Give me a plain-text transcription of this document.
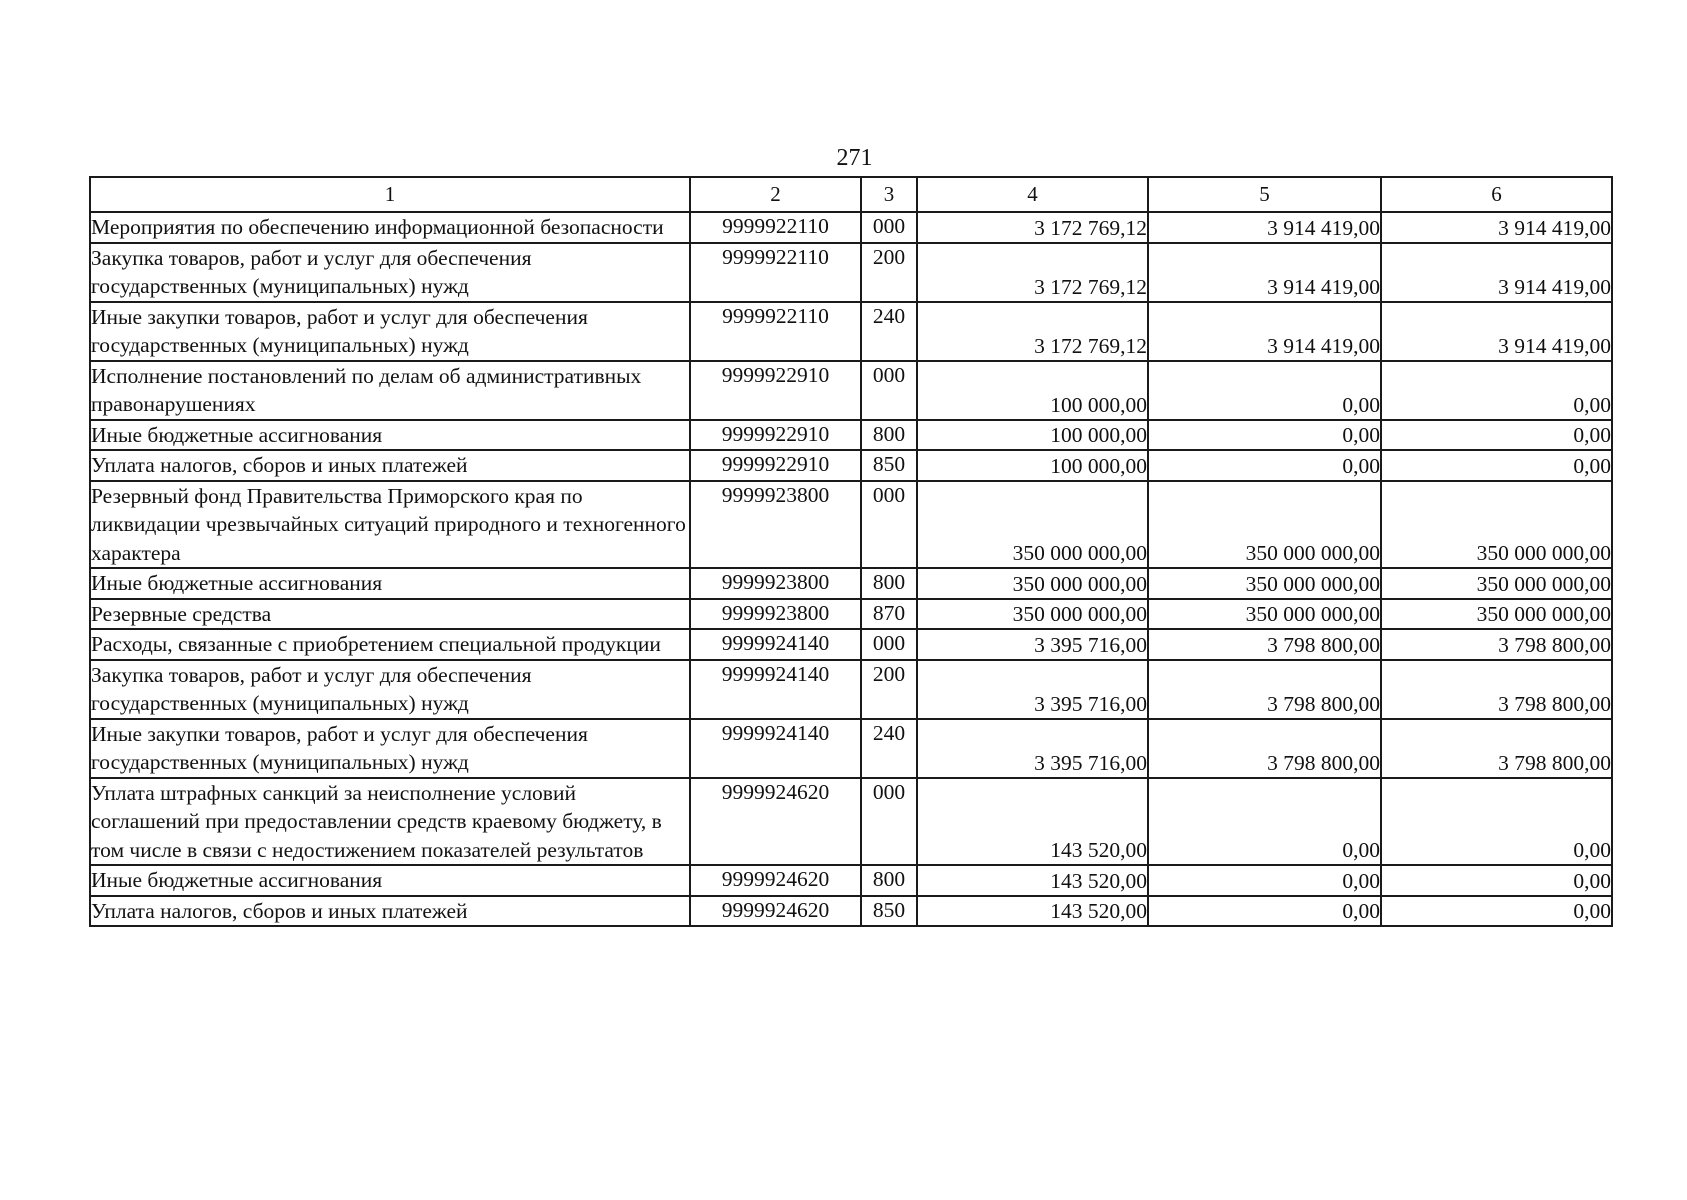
271
1	2	3	4	5	6
Мероприятия по обеспечению информационной безопасности	9999922110	000	3 172 769,12	3 914 419,00	3 914 419,00
Закупка товаров, работ и услуг для обеспечения государственных (муниципальных) нужд	9999922110	200	3 172 769,12	3 914 419,00	3 914 419,00
Иные закупки товаров, работ и услуг для обеспечения государственных (муниципальных) нужд	9999922110	240	3 172 769,12	3 914 419,00	3 914 419,00
Исполнение постановлений по делам об административных правонарушениях	9999922910	000	100 000,00	0,00	0,00
Иные бюджетные ассигнования	9999922910	800	100 000,00	0,00	0,00
Уплата налогов, сборов и иных платежей	9999922910	850	100 000,00	0,00	0,00
Резервный фонд Правительства Приморского края по ликвидации чрезвычайных ситуаций природного и техногенного характера	9999923800	000	350 000 000,00	350 000 000,00	350 000 000,00
Иные бюджетные ассигнования	9999923800	800	350 000 000,00	350 000 000,00	350 000 000,00
Резервные средства	9999923800	870	350 000 000,00	350 000 000,00	350 000 000,00
Расходы, связанные с приобретением специальной продукции	9999924140	000	3 395 716,00	3 798 800,00	3 798 800,00
Закупка товаров, работ и услуг для обеспечения государственных (муниципальных) нужд	9999924140	200	3 395 716,00	3 798 800,00	3 798 800,00
Иные закупки товаров, работ и услуг для обеспечения государственных (муниципальных) нужд	9999924140	240	3 395 716,00	3 798 800,00	3 798 800,00
Уплата штрафных санкций за неисполнение условий соглашений при предоставлении средств краевому бюджету, в том числе в связи с недостижением показателей результатов	9999924620	000	143 520,00	0,00	0,00
Иные бюджетные ассигнования	9999924620	800	143 520,00	0,00	0,00
Уплата налогов, сборов и иных платежей	9999924620	850	143 520,00	0,00	0,00
